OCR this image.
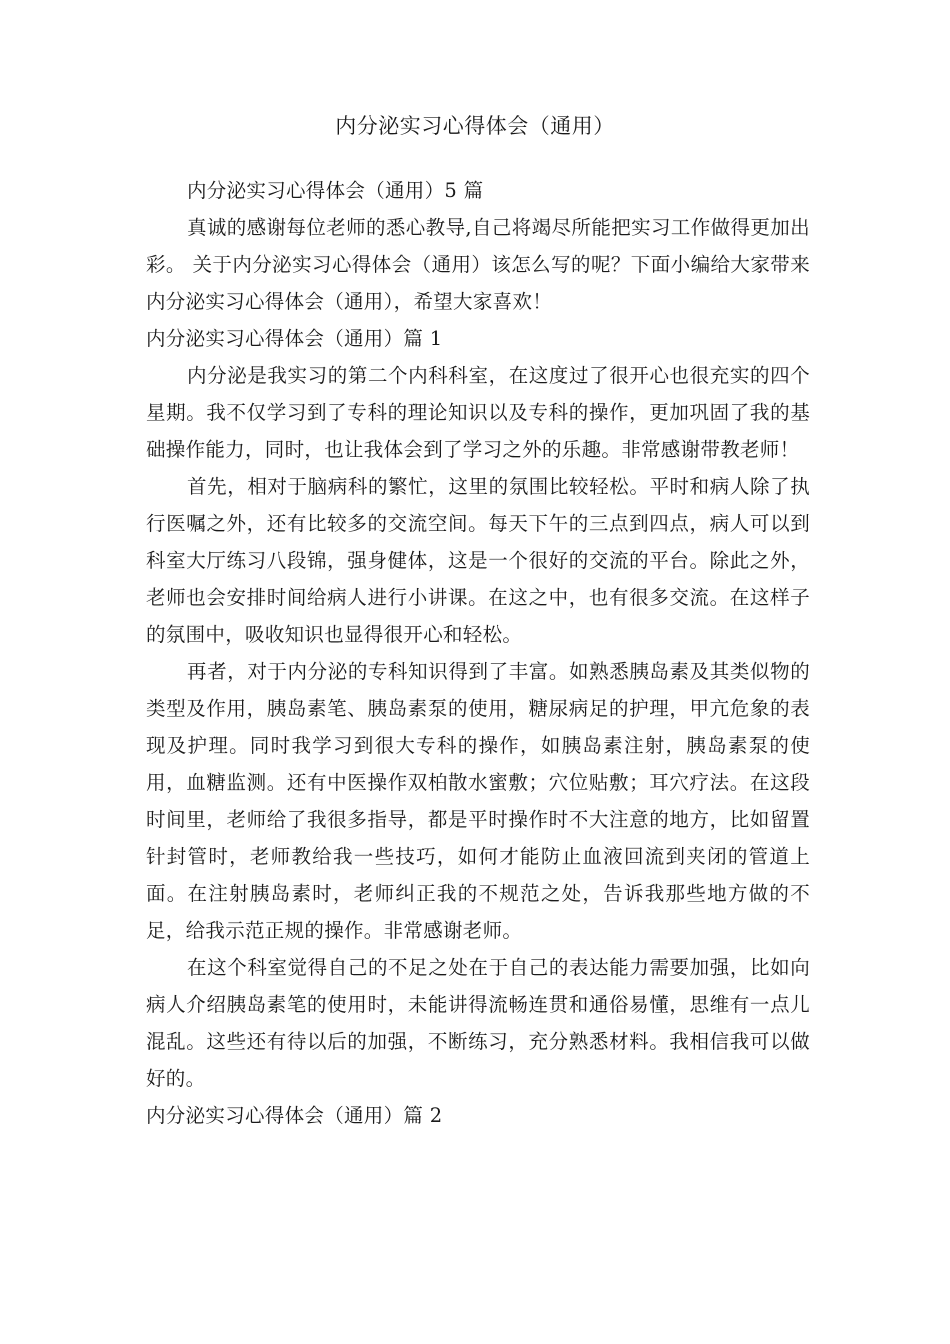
内分泌实习心得体会（通用）

内分泌实习心得体会（通用）5 篇

真诚的感谢每位老师的悉心教导,自己将竭尽所能把实习工作做得更加出彩。 关于内分泌实习心得体会（通用）该怎么写的呢？下面小编给大家带来内分泌实习心得体会（通用），希望大家喜欢！

内分泌实习心得体会（通用）篇 1

内分泌是我实习的第二个内科科室，在这度过了很开心也很充实的四个星期。我不仅学习到了专科的理论知识以及专科的操作，更加巩固了我的基础操作能力，同时，也让我体会到了学习之外的乐趣。非常感谢带教老师！

首先，相对于脑病科的繁忙，这里的氛围比较轻松。平时和病人除了执行医嘱之外，还有比较多的交流空间。每天下午的三点到四点，病人可以到科室大厅练习八段锦，强身健体，这是一个很好的交流的平台。除此之外，老师也会安排时间给病人进行小讲课。在这之中，也有很多交流。在这样子的氛围中，吸收知识也显得很开心和轻松。

再者，对于内分泌的专科知识得到了丰富。如熟悉胰岛素及其类似物的类型及作用，胰岛素笔、胰岛素泵的使用，糖尿病足的护理，甲亢危象的表现及护理。同时我学习到很大专科的操作，如胰岛素注射，胰岛素泵的使用，血糖监测。还有中医操作双柏散水蜜敷；穴位贴敷；耳穴疗法。在这段时间里，老师给了我很多指导，都是平时操作时不大注意的地方，比如留置针封管时，老师教给我一些技巧，如何才能防止血液回流到夹闭的管道上面。在注射胰岛素时，老师纠正我的不规范之处，告诉我那些地方做的不足，给我示范正规的操作。非常感谢老师。

在这个科室觉得自己的不足之处在于自己的表达能力需要加强，比如向病人介绍胰岛素笔的使用时，未能讲得流畅连贯和通俗易懂，思维有一点儿混乱。这些还有待以后的加强，不断练习，充分熟悉材料。我相信我可以做好的。

内分泌实习心得体会（通用）篇 2
